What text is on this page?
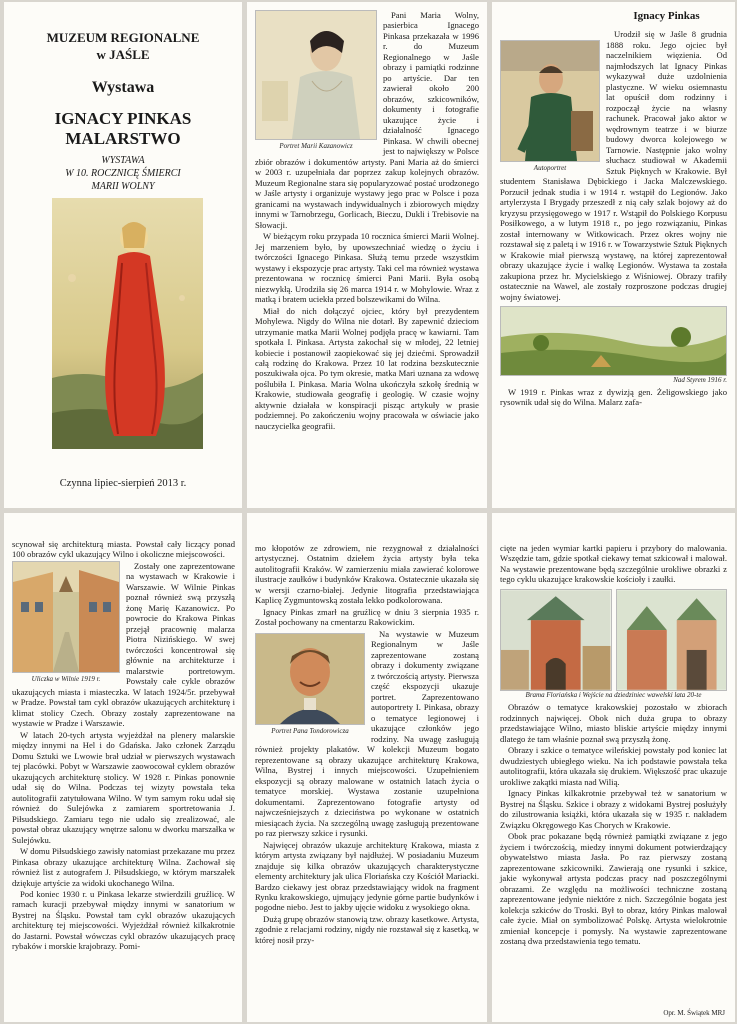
MUZEUM REGIONALNE
w JAŚLE
Wystawa
IGNACY PINKAS
MALARSTWO
WYSTAWA
W 10. ROCZNICĘ ŚMIERCI
MARII WOLNY
Czynna lipiec-sierpień 2013 r.
Portret Marii Kazanowicz

Pani Maria Wolny, pasierbica Ignacego Pinkasa przekazała w 1996 r. do Muzeum Regionalnego w Jaśle obrazy i pamiątki rodzinne po artyście. Dar ten zawierał około 200 obrazów, szkicowników, dokumenty i fotografie ukazujące życie i działalność Ignacego Pinkasa. W chwili obecnej jest to największy w Polsce zbiór obrazów i dokumentów artysty. Pani Maria aż do śmierci w 2003 r. uzupełniała dar poprzez zakup kolejnych obrazów. Muzeum Regionalne stara się popularyzować postać urodzonego w Jaśle artysty i organizuje wystawy jego prac w Polsce i poza granicami na wystawach indywidualnych i zbiorowych między innymi w Tarnobrzegu, Gorlicach, Bieczu, Dukli i Trebisovie na Słowacji.

W bieżącym roku przypada 10 rocznica śmierci Marii Wolnej. Jej marzeniem było, by upowszechniać wiedzę o życiu i twórczości Ignacego Pinkasa. Służą temu przede wszystkim wystawy i ekspozycje prac artysty. Taki cel ma również wystawa prezentowana w rocznicę śmierci Pani Marii. Była osobą niezwykłą. Urodziła się 26 marca 1914 r. w Mohylowie. Wraz z matką i bratem uciekła przed bolszewikami do Wilna.

Miał do nich dołączyć ojciec, który był prezydentem Mohylewa. Nigdy do Wilna nie dotarł. By zapewnić dzieciom utrzymanie matka Marii Wolnej podjęła pracę w kawiarni. Tam spotkała I. Pinkasa. Artysta zakochał się w młodej, 22 letniej kobiecie i postanowił zaopiekować się jej dziećmi. Sprowadził całą rodzinę do Krakowa. Przez 10 lat rodzina bezskutecznie poszukiwała ojca. Po tym okresie, matka Mari uznana za wdowę poślubiła I. Pinkasa. Maria Wolna ukończyła szkołę średnią w Krakowie, studiowała geografię i geologię. W czasie wojny aktywnie działała w konspiracji pisząc artykuły w prasie podziemnej. Po zakończeniu wojny pracowała w oświacie jako nauczycielka geografii.

Autoportret
Ignacy Pinkas

Urodził się w Jaśle 8 grudnia 1888 roku. Jego ojciec był naczelnikiem więzienia. Od najmłodszych lat Ignacy Pinkas wykazywał duże uzdolnienia plastyczne. W wieku osiemnastu lat opuścił dom rodzinny i rozpoczął życie na własny rachunek. Pracował jako aktor w wędrownym teatrze i w biurze budowy dworca kolejowego w Tarnowie. Następnie jako wolny słuchacz studiował w Akademii Sztuk Pięknych w Krakowie. Był studentem Stanisława Dębickiego i Jacka Malczewskiego. Porzucił jednak studia i w 1914 r. wstąpił do Legionów. Jako artylerzysta I Brygady przeszedł z nią cały szlak bojowy aż do kryzysu przysięgowego w 1917 r. Wstąpił do Polskiego Korpusu Posiłkowego, a w lutym 1918 r., po jego rozwiązaniu, Pinkas został internowany w Witkowicach. Przez okres wojny nie rozstawał się z paletą i w 1916 r. w Towarzystwie Sztuk Pięknych w Krakowie miał pierwszą wystawę, na której zaprezentował obrazy ukazujące życie i walkę Legionów. Wystawa ta została zakupiona przez hr. Mycielskiego z Wiśniowej. Obrazy trafiły ostatecznie na Wawel, ale zostały rozproszone podczas drugiej wojny światowej.

Nad Styrem 1916 r.

W 1919 r. Pinkas wraz z dywizją gen. Żeligowskiego jako rysownik udał się do Wilna. Malarz zafa-

scynował się architekturą miasta. Powstał cały liczący ponad 100 obrazów cykl ukazujący Wilno i okoliczne miejscowości.

Uliczka w Wilnie 1919 r.

Zostały one zaprezentowane na wystawach w Krakowie i Warszawie. W Wilnie Pinkas poznał również swą przyszłą żonę Marię Kazanowicz. Po powrocie do Krakowa Pinkas przejął pracownię malarza Piotra Nizińskiego. W swej twórczości koncentrował się głównie na architekturze i malarstwie portretowym. Powstały całe cykle obrazów ukazujących miasta i miasteczka. W latach 1924/5r. przebywał w Pradze. Powstał tam cykl obrazów ukazujących architekturę i klimat stolicy Czech. Obrazy zostały zaprezentowane na wystawie w Pradze i Warszawie.

W latach 20-tych artysta wyjeżdżał na plenery malarskie między innymi na Hel i do Gdańska. Jako członek Zarządu Domu Sztuki we Lwowie brał udział w pierwszych wystawach tej placówki. Pobyt w Warszawie zaowocował cyklem obrazów ukazujących architekturę stolicy. W 1928 r. Pinkas ponownie udał się do Wilna. Podczas tej wizyty powstała teka autolitografii zatytułowana Wilno. W tym samym roku udał się również do Sulejówka z zamiarem sportretowania J. Piłsudskiego. Zamiaru tego nie udało się zrealizować, ale powstał obraz ukazujący wnętrze salonu w dworku marszałka w Sulejówku.

W domu Piłsudskiego zawisły natomiast przekazane mu przez Pinkasa obrazy ukazujące architekturę Wilna. Zachował się również list z autografem J. Piłsudskiego, w którym marszałek dziękuje artyście za widoki ukochanego Wilna.

Pod koniec 1930 r. u Pinkasa lekarze stwierdzili gruźlicę. W ramach kuracji przebywał między innymi w sanatorium w Bystrej na Śląsku. Powstał tam cykl obrazów ukazujących architekturę tej miejscowości. Wyjeżdżał również kilkakrotnie do Jastarni. Powstał wówczas cykl obrazów ukazujących pracę rybaków i morskie krajobrazy. Pomi-

mo kłopotów ze zdrowiem, nie rezygnował z działalności artystycznej. Ostatnim dziełem życia artysty była teka autolitografii Kraków. W zamierzeniu miała zawierać kolorowe ilustracje zaułków i budynków Krakowa. Ostatecznie ukazała się w wersji czarno-białej. Jedynie litografia przedstawiająca Kaplicę Zygmuntowską została lekko podkolorowana.

Ignacy Pinkas zmarł na gruźlicę w dniu 3 sierpnia 1935 r. Został pochowany na cmentarzu Rakowickim.

Portret Pana Tondorowicza

Na wystawie w Muzeum Regionalnym w Jaśle zaprezentowane zostaną obrazy i dokumenty związane z twórczością artysty. Pierwsza część ekspozycji ukazuje portret. Zaprezentowano autoportrety I. Pinkasa, obrazy o tematyce legionowej i ukazujące członków jego rodziny. Na uwagę zasługują również projekty plakatów. W kolekcji Muzeum bogato reprezentowane są obrazy ukazujące architekturę Krakowa, Wilna, Bystrej i innych miejscowości. Uzupełnieniem ekspozycji są obrazy malowane w ostatnich latach życia o tematyce morskiej. Wystawa zostanie uzupełniona dokumentami. Zaprezentowano fotografie artysty od najwcześniejszych z dzieciństwa po wykonane w ostatnich miesiącach życia. Na szczególną uwagę zasługują prezentowane po raz pierwszy szkice i rysunki.

Najwięcej obrazów ukazuje architekturę Krakowa, miasta z którym artysta związany był najdłużej. W posiadaniu Muzeum znajduje się kilka obrazów ukazujących charakterystyczne elementy architektury jak ulica Floriańska czy Kościół Mariacki. Bardzo ciekawy jest obraz przedstawiający widok na fragment Rynku krakowskiego, ujmujący jedynie górne partie budynków i pogodne niebo. Jest to jakby ujęcie widoku z wysokiego okna.

Dużą grupę obrazów stanowią tzw. obrazy kasetkowe. Artysta, zgodnie z relacjami rodziny, nigdy nie rozstawał się z kasetką, w której nosił przy-

cięte na jeden wymiar kartki papieru i przybory do malowania. Wszędzie tam, gdzie spotkał ciekawy temat szkicował i malował. Na wystawie prezentowane będą szczególnie urokliwe obrazki z tego cyklu ukazujące krakowskie kościoły i zaułki.

Brama Floriańska i Wejście na dziedziniec wawelski lata 20-te

Obrazów o tematyce krakowskiej pozostało w zbiorach rodzinnych najwięcej. Obok nich duża grupa to obrazy przedstawiające Wilno, miasto bliskie artyście między innymi dlatego że tam właśnie poznał swą przyszłą żonę.

Obrazy i szkice o tematyce wileńskiej powstały pod koniec lat dwudziestych ubiegłego wieku. Na ich podstawie powstała teka autolitografii, która ukazała się drukiem. Większość prac ukazuje urokliwe zakątki miasta nad Wilią.

Ignacy Pinkas kilkakrotnie przebywał też w sanatorium w Bystrej na Śląsku. Szkice i obrazy z widokami Bystrej posłużyły do zilustrowania książki, która ukazała się w 1935 r. nakładem Związku Okręgowego Kas Chorych w Krakowie.

Obok prac pokazane będą również pamiątki związane z jego życiem i twórczością, miedzy innymi dokument potwierdzający obywatelstwo miasta Jasła. Po raz pierwszy zostaną zaprezentowane szkicowniki. Zawierają one rysunki i szkice, jakie wykonywał artysta podczas pracy nad poszczególnymi obrazami. Ze względu na możliwości techniczne zostaną zaprezentowane jedynie niektóre z nich. Szczególnie bogata jest kolekcja szkiców do Troski. Był to obraz, który Pinkas malował całe życie. Miał on symbolizować Polskę. Artysta wielokrotnie zmieniał koncepcje i pomysły. Na wystawie zaprezentowane zostaną dwa przedstawienia tego tematu.

Opr. M. Świątek MRJ
